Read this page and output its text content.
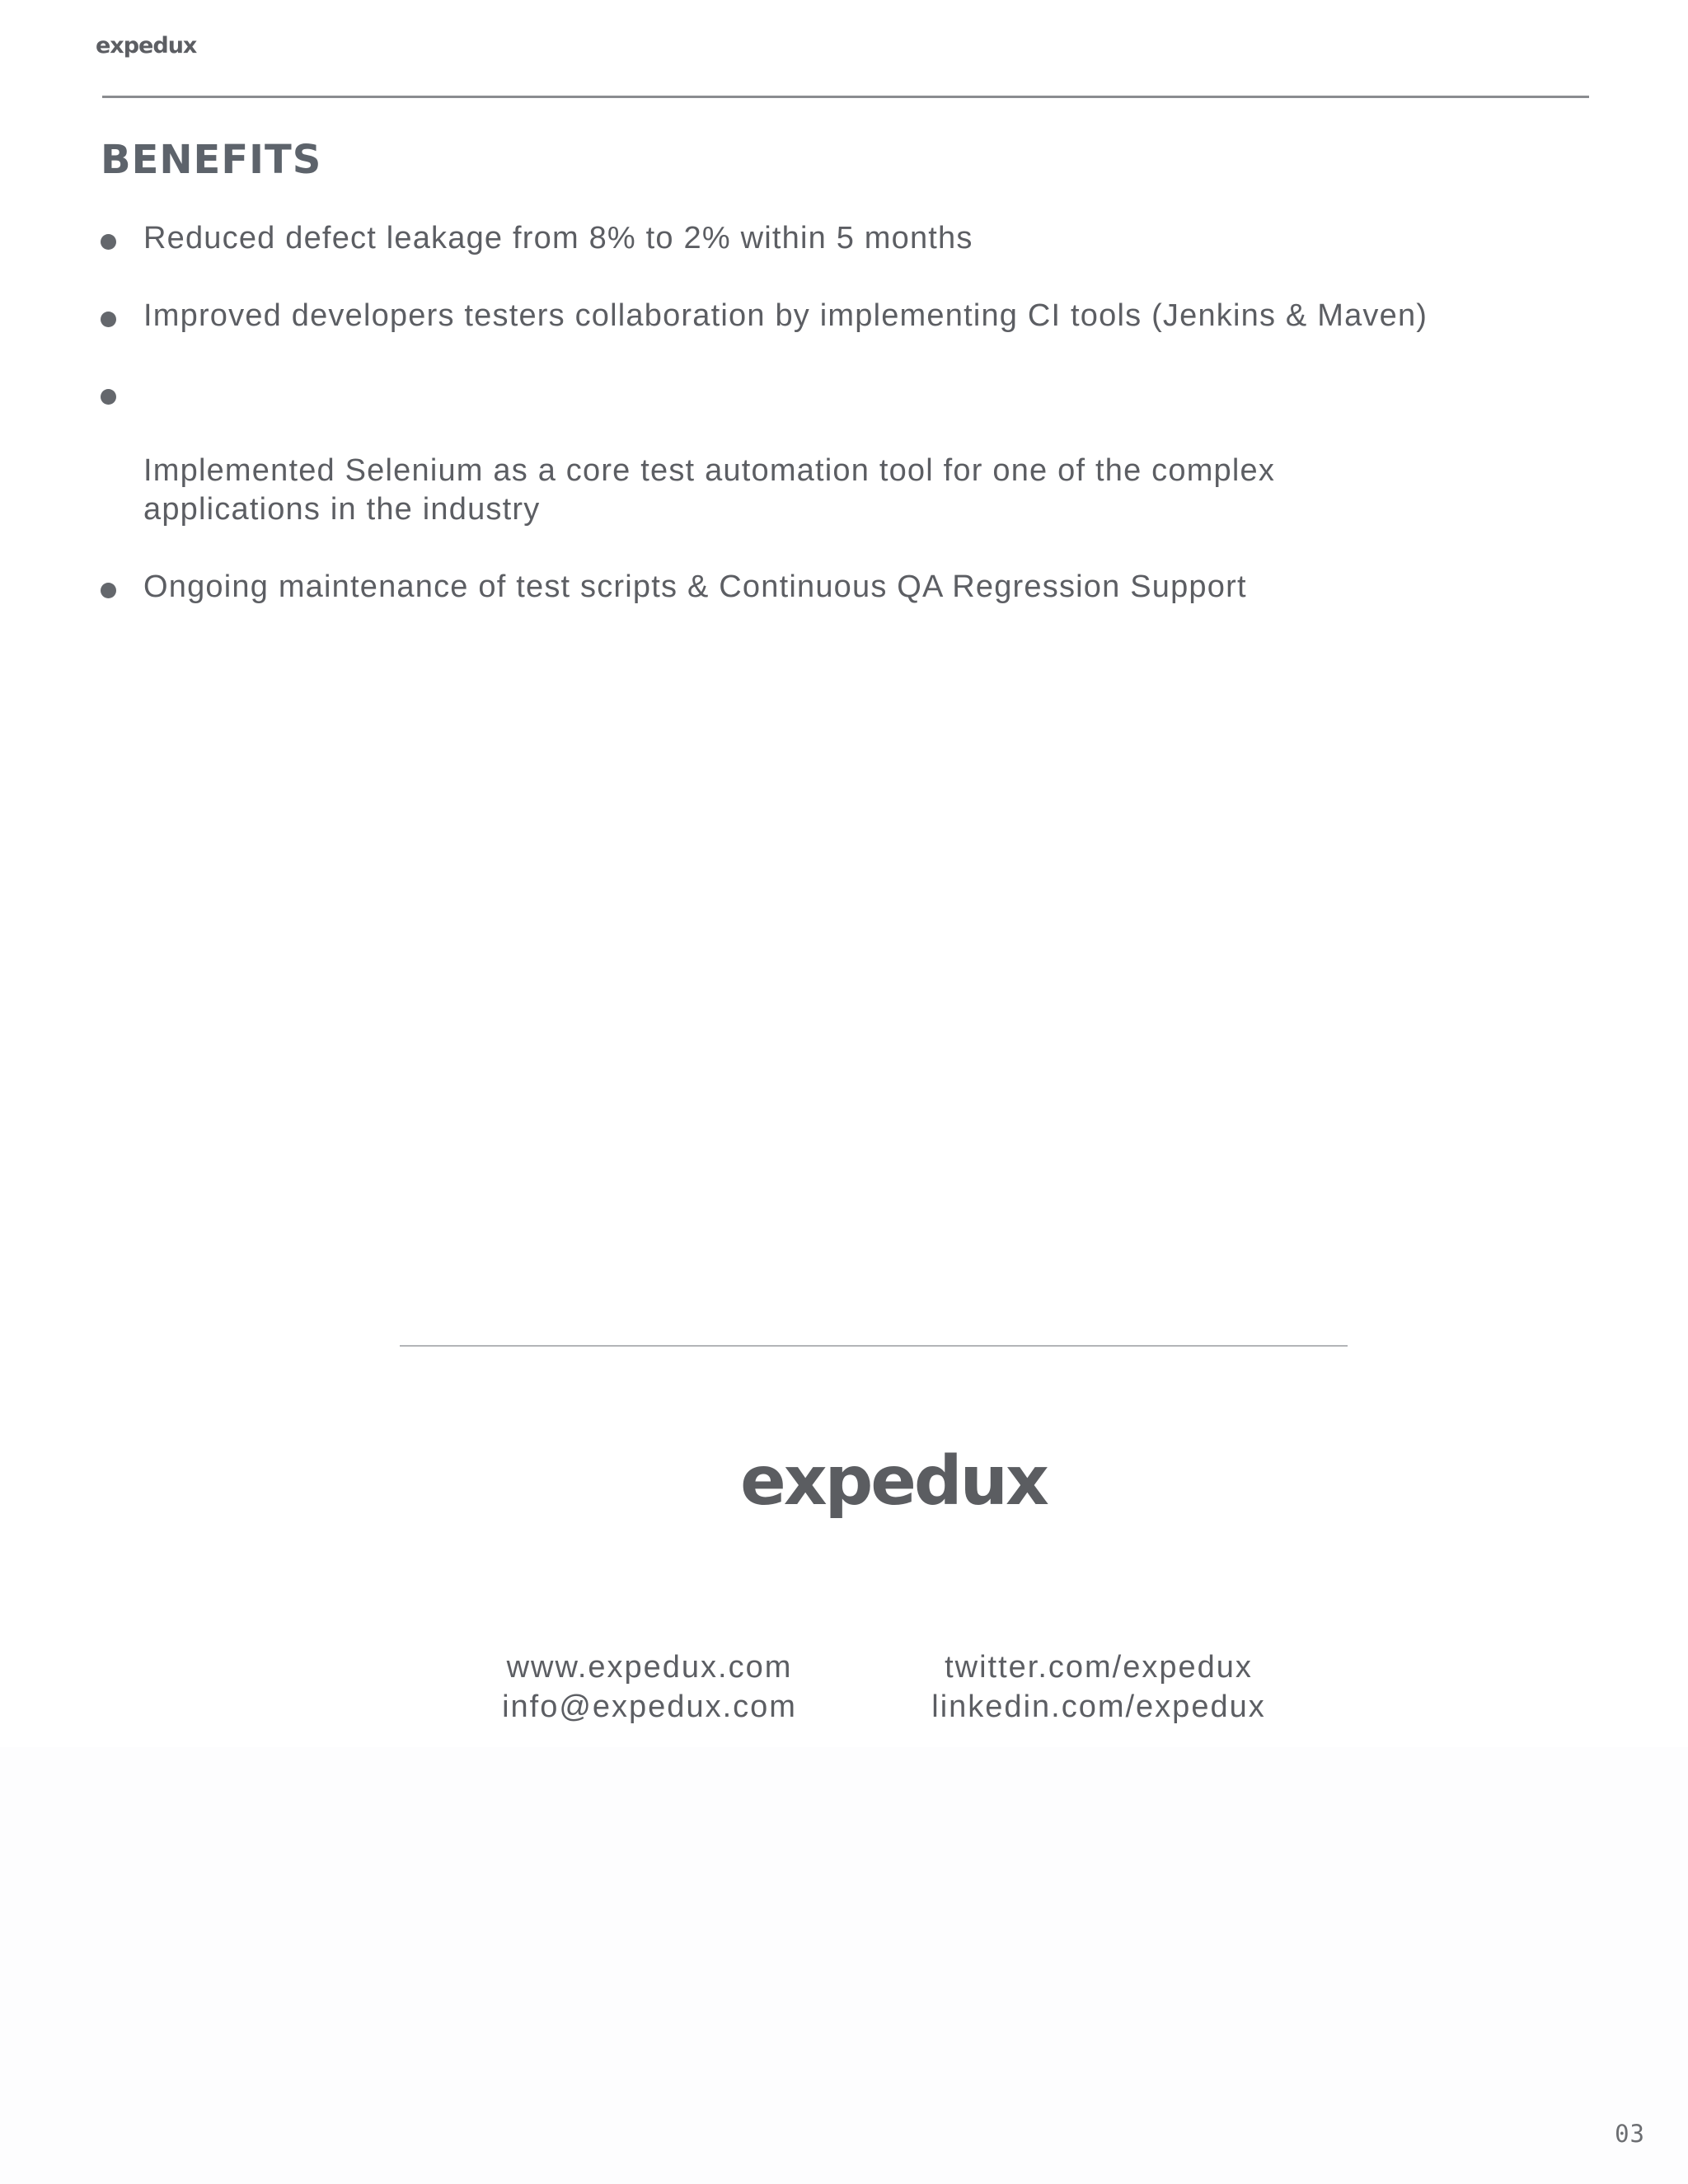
expedux
BENEFITS
Reduced defect leakage from 8% to 2% within 5 months
Improved developers testers collaboration by implementing CI tools (Jenkins & Maven)

Implemented Selenium as a core test automation tool for one of the complex
applications in the industry

Ongoing maintenance of test scripts & Continuous QA Regression Support
expedux
www.expedux.com
info@expedux.com
twitter.com/expedux
linkedin.com/expedux
03
